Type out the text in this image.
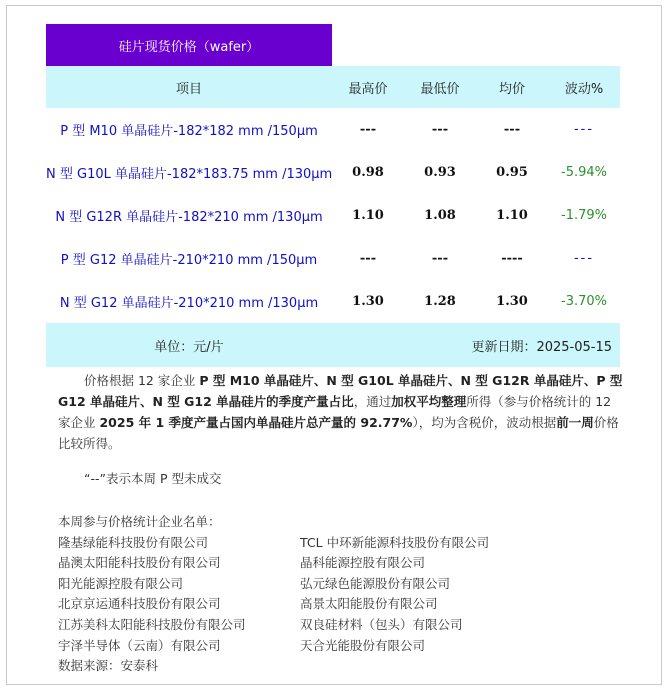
硅片现货价格（wafer）
项目	最高价	最低价	均价	波动%
P 型 M10 单晶硅片-182*182 mm /150μm	---	---	---	---
N 型 G10L 单晶硅片-182*183.75 mm /130μm	0.98	0.93	0.95	-5.94%
N 型 G12R 单晶硅片-182*210 mm /130μm	1.10	1.08	1.10	-1.79%
P 型 G12 单晶硅片-210*210 mm /150μm	---	---	----	---
N 型 G12 单晶硅片-210*210 mm /130μm	1.30	1.28	1.30	-3.70%
单位：元/片	更新日期：2025-05-15			
价格根据 12 家企业 P 型 M10 单晶硅片、N 型 G10L 单晶硅片、N 型 G12R 单晶硅片、P 型 G12 单晶硅片、N 型 G12 单晶硅片的季度产量占比，通过加权平均整理所得（参与价格统计的 12 家企业 2025 年 1 季度产量占国内单晶硅片总产量的 92.77%），均为含税价，波动根据前一周价格比较所得。
“--”表示本周 P 型未成交
本周参与价格统计企业名单：
隆基绿能科技股份有限公司	TCL 中环新能源科技股份有限公司
晶澳太阳能科技股份有限公司	晶科能源控股有限公司
阳光能源控股有限公司	弘元绿色能源股份有限公司
北京京运通科技股份有限公司	高景太阳能股份有限公司
江苏美科太阳能科技股份有限公司	双良硅材料（包头）有限公司
宇泽半导体（云南）有限公司	天合光能股份有限公司
数据来源：安泰科
